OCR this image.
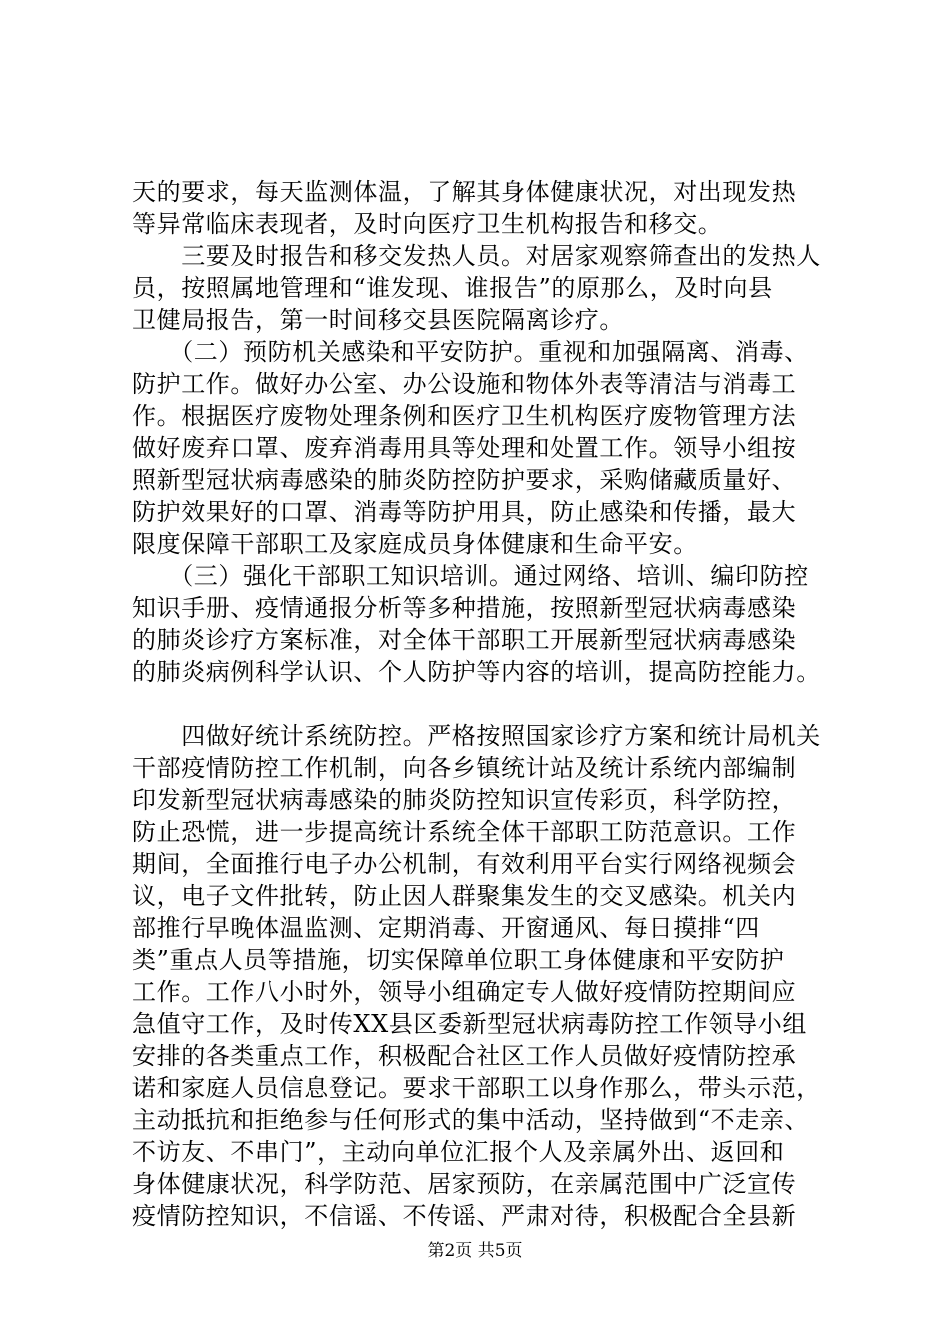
天的要求，每天监测体温，了解其身体健康状况，对出现发热
等异常临床表现者，及时向医疗卫生机构报告和移交。
　　三要及时报告和移交发热人员。对居家观察筛查出的发热人
员，按照属地管理和“谁发现、谁报告”的原那么，及时向县
卫健局报告，第一时间移交县医院隔离诊疗。
　　（二）预防机关感染和平安防护。重视和加强隔离、消毒、
防护工作。做好办公室、办公设施和物体外表等清洁与消毒工
作。根据医疗废物处理条例和医疗卫生机构医疗废物管理方法
做好废弃口罩、废弃消毒用具等处理和处置工作。领导小组按
照新型冠状病毒感染的肺炎防控防护要求，采购储藏质量好、
防护效果好的口罩、消毒等防护用具，防止感染和传播，最大
限度保障干部职工及家庭成员身体健康和生命平安。
　　（三）强化干部职工知识培训。通过网络、培训、编印防控
知识手册、疫情通报分析等多种措施，按照新型冠状病毒感染
的肺炎诊疗方案标准，对全体干部职工开展新型冠状病毒感染
的肺炎病例科学认识、个人防护等内容的培训，提高防控能力。
　　四做好统计系统防控。严格按照国家诊疗方案和统计局机关
干部疫情防控工作机制，向各乡镇统计站及统计系统内部编制
印发新型冠状病毒感染的肺炎防控知识宣传彩页，科学防控，
防止恐慌，进一步提高统计系统全体干部职工防范意识。工作
期间，全面推行电子办公机制，有效利用平台实行网络视频会
议，电子文件批转，防止因人群聚集发生的交叉感染。机关内
部推行早晚体温监测、定期消毒、开窗通风、每日摸排“四
类”重点人员等措施，切实保障单位职工身体健康和平安防护
工作。工作八小时外，领导小组确定专人做好疫情防控期间应
急值守工作，及时传XX县区委新型冠状病毒防控工作领导小组
安排的各类重点工作，积极配合社区工作人员做好疫情防控承
诺和家庭人员信息登记。要求干部职工以身作那么，带头示范，
主动抵抗和拒绝参与任何形式的集中活动，坚持做到“不走亲、
不访友、不串门”，主动向单位汇报个人及亲属外出、返回和
身体健康状况，科学防范、居家预防，在亲属范围中广泛宣传
疫情防控知识，不信谣、不传谣、严肃对待，积极配合全县新
第2页 共5页
